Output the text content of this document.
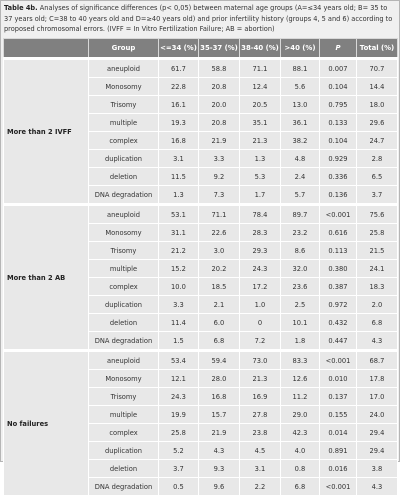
Table 4b. Analyses of significance differences (p< 0,05) between maternal age groups (A=≤34 years old; B= 35 to 37 years old; C=38 to 40 years old and D=≥40 years old) and prior infertility history (groups 4, 5 and 6) according to proposed chromosomal errors. (IVFF = In Vitro Fertilization Failure; AB = abortion)
	Group	<=34 (%)	35-37 (%)	38-40 (%)	>40 (%)	P	Total (%)
More than 2 IVFF	aneuploid	61.7	58.8	71.1	88.1	0.007	70.7
	Monosomy	22.8	20.8	12.4	5.6	0.104	14.4
	Trisomy	16.1	20.0	20.5	13.0	0.795	18.0
	multiple	19.3	20.8	35.1	36.1	0.133	29.6
	complex	16.8	21.9	21.3	38.2	0.104	24.7
	duplication	3.1	3.3	1.3	4.8	0.929	2.8
	deletion	11.5	9.2	5.3	2.4	0.336	6.5
	DNA degradation	1.3	7.3	1.7	5.7	0.136	3.7
More than 2 AB	aneuploid	53.1	71.1	78.4	89.7	<0.001	75.6
	Monosomy	31.1	22.6	28.3	23.2	0.616	25.8
	Trisomy	21.2	3.0	29.3	8.6	0.113	21.5
	multiple	15.2	20.2	24.3	32.0	0.380	24.1
	complex	10.0	18.5	17.2	23.6	0.387	18.3
	duplication	3.3	2.1	1.0	2.5	0.972	2.0
	deletion	11.4	6.0	0	10.1	0.432	6.8
	DNA degradation	1.5	6.8	7.2	1.8	0.447	4.3
No failures	aneuploid	53.4	59.4	73.0	83.3	<0.001	68.7
	Monosomy	12.1	28.0	21.3	12.6	0.010	17.8
	Trisomy	24.3	16.8	16.9	11.2	0.137	17.0
	multiple	19.9	15.7	27.8	29.0	0.155	24.0
	complex	25.8	21.9	23.8	42.3	0.014	29.4
	duplication	5.2	4.3	4.5	4.0	0.891	29.4
	deletion	3.7	9.3	3.1	0.8	0.016	3.8
	DNA degradation	0.5	9.6	2.2	6.8	<0.001	4.3
